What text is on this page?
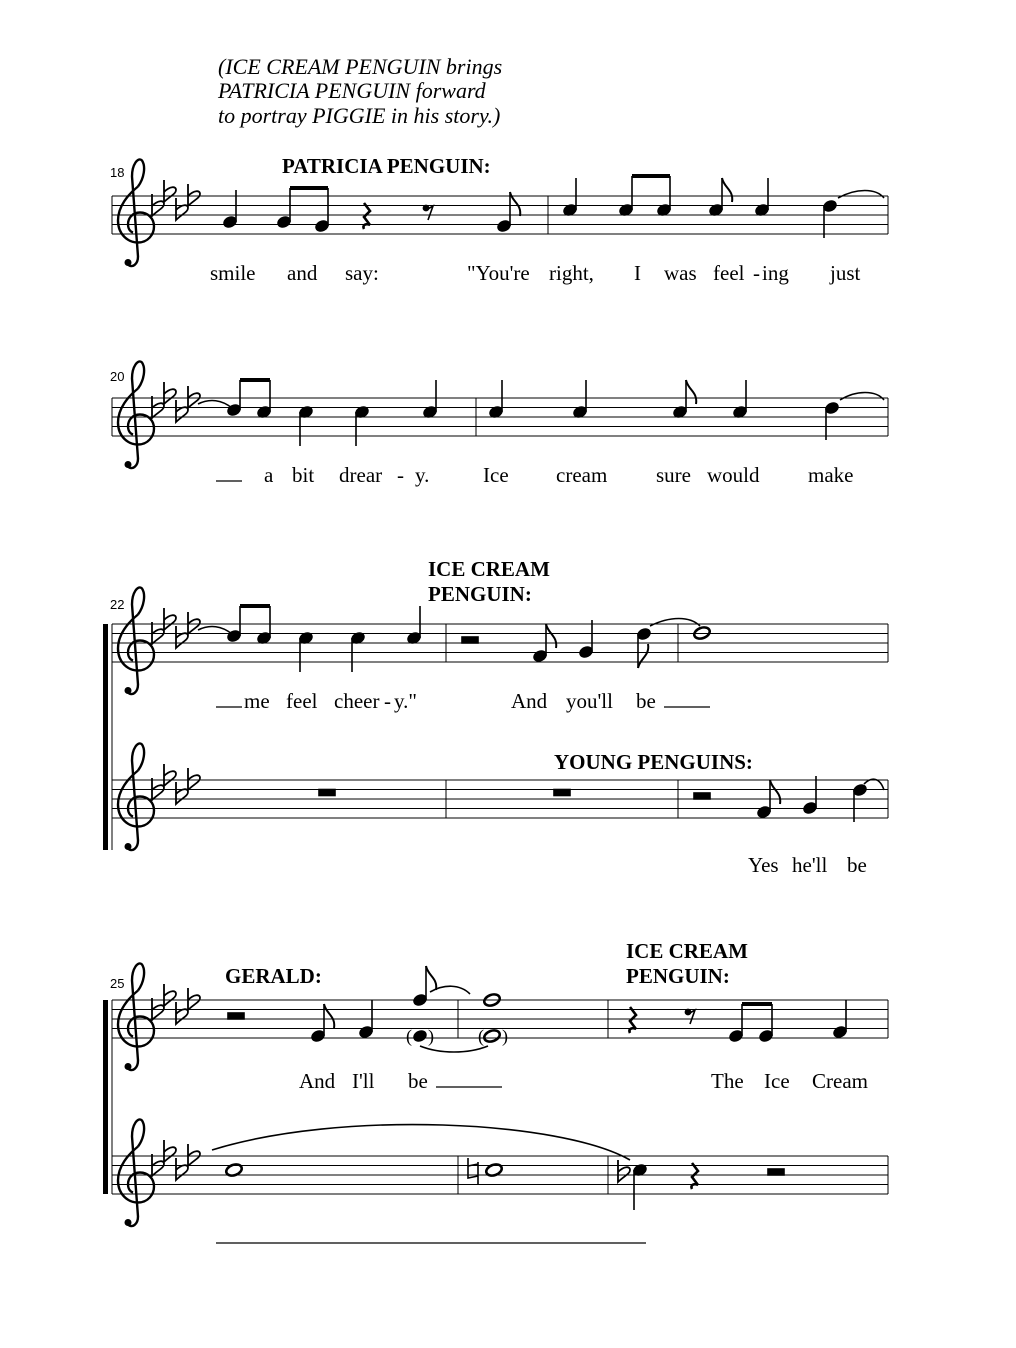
(ICE CREAM PENGUIN brings
PATRICIA PENGUIN forward
to portray PIGGIE in his story.)
18	PATRICIA PENGUIN:
smile and say:	"You're right, I was feel - ing just
20
a bit drear - y.	Ice cream sure would make
22
ICE CREAM
PENGUIN:
me feel cheer - y."	And you'll be
YOUNG PENGUINS:
Yes he'll be
25	GERALD:
ICE CREAM
PENGUIN:
( ) ( )
And I'll be	The Ice Cream
